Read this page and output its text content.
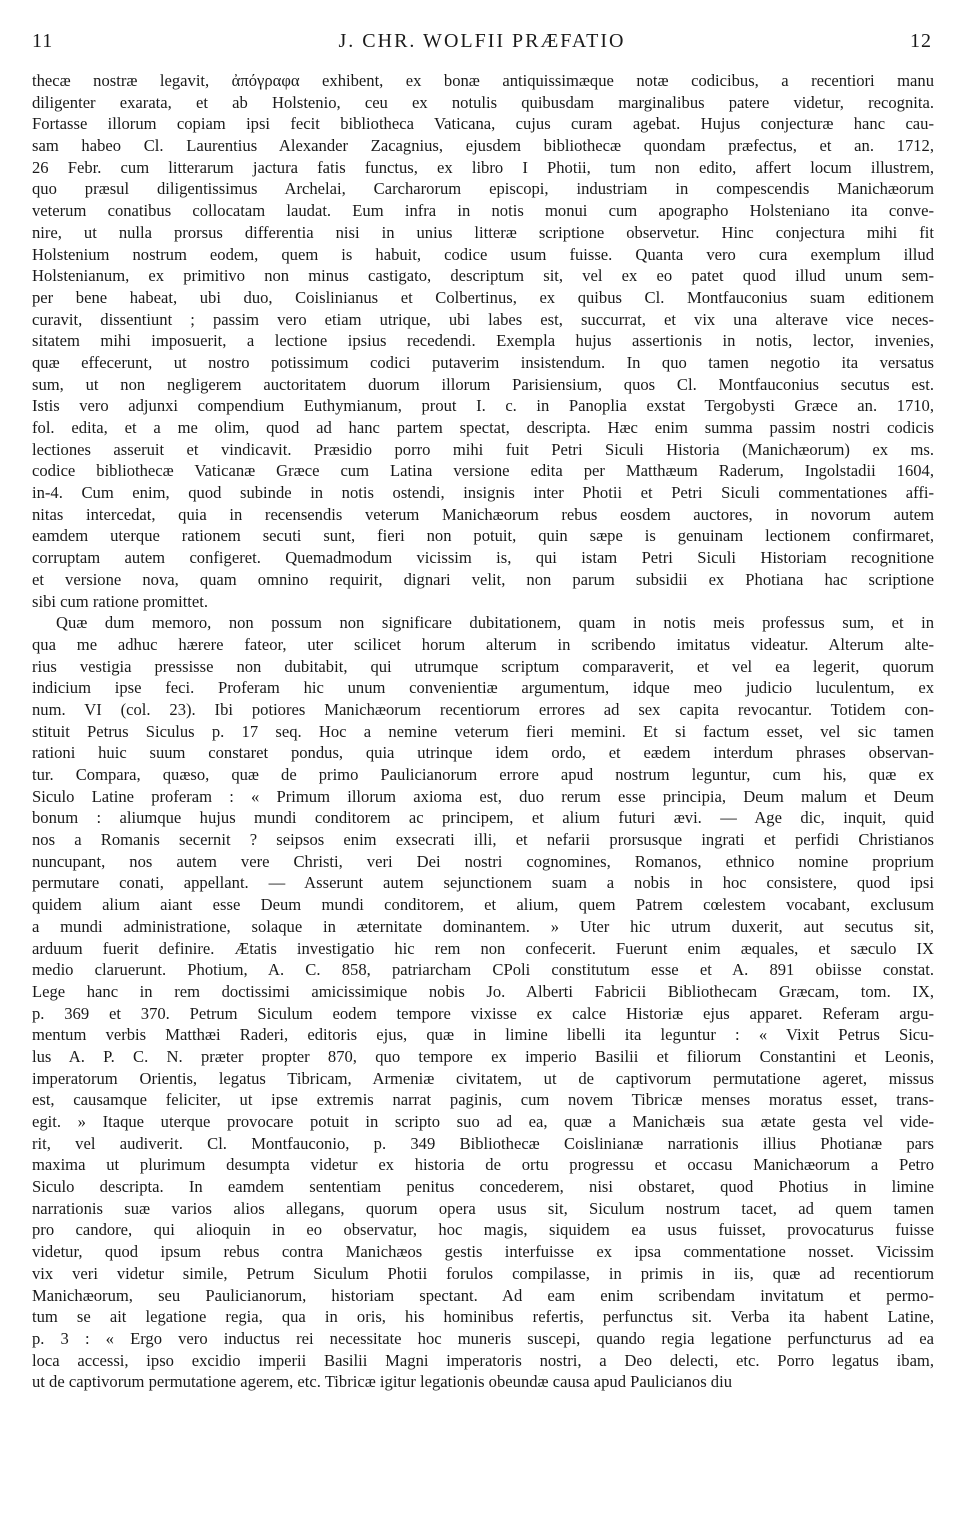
11	J. CHR. WOLFII PRÆFATIO	12
thecæ nostræ legavit, ἀπόγραφα exhibent, ex bonæ antiquissimæque notæ codicibus, a recentiori manu
diligenter exarata, et ab Holstenio, ceu ex notulis quibusdam marginalibus patere videtur, recognita.
Fortasse illorum copiam ipsi fecit bibliotheca Vaticana, cujus curam agebat. Hujus conjecturæ hanc cau-
sam habeo Cl. Laurentius Alexander Zacagnius, ejusdem bibliothecæ quondam præfectus, et an. 1712,
26 Febr. cum litterarum jactura fatis functus, ex libro I Photii, tum non edito, affert locum illustrem,
quo præsul diligentissimus Archelai, Carcharorum episcopi, industriam in compescendis Manichæorum
veterum conatibus collocatam laudat. Eum infra in notis monui cum apographo Holsteniano ita conve-
nire, ut nulla prorsus differentia nisi in unius litteræ scriptione observetur. Hinc conjectura mihi fit
Holstenium nostrum eodem, quem is habuit, codice usum fuisse. Quanta vero cura exemplum illud
Holstenianum, ex primitivo non minus castigato, descriptum sit, vel ex eo patet quod illud unum sem-
per bene habeat, ubi duo, Coislinianus et Colbertinus, ex quibus Cl. Montfauconius suam editionem
curavit, dissentiunt ; passim vero etiam utrique, ubi labes est, succurrat, et vix una alterave vice neces-
sitatem mihi imposuerit, a lectione ipsius recedendi. Exempla hujus assertionis in notis, lector, invenies,
quæ effecerunt, ut nostro potissimum codici putaverim insistendum. In quo tamen negotio ita versatus
sum, ut non negligerem auctoritatem duorum illorum Parisiensium, quos Cl. Montfauconius secutus est.
Istis vero adjunxi compendium Euthymianum, prout I. c. in Panoplia exstat Tergobysti Græce an. 1710,
fol. edita, et a me olim, quod ad hanc partem spectat, descripta. Hæc enim summa passim nostri codicis
lectiones asseruit et vindicavit. Præsidio porro mihi fuit Petri Siculi Historia (Manichæorum) ex ms.
codice bibliothecæ Vaticanæ Græce cum Latina versione edita per Matthæum Raderum, Ingolstadii 1604,
in-4. Cum enim, quod subinde in notis ostendi, insignis inter Photii et Petri Siculi commentationes affi-
nitas intercedat, quia in recensendis veterum Manichæorum rebus eosdem auctores, in novorum autem
eamdem uterque rationem secuti sunt, fieri non potuit, quin sæpe is genuinam lectionem confirmaret,
corruptam autem configeret. Quemadmodum vicissim is, qui istam Petri Siculi Historiam recognitione
et versione nova, quam omnino requirit, dignari velit, non parum subsidii ex Photiana hac scriptione
sibi cum ratione promittet.
Quæ dum memoro, non possum non significare dubitationem, quam in notis meis professus sum, et in
qua me adhuc hærere fateor, uter scilicet horum alterum in scribendo imitatus videatur. Alterum alte-
rius vestigia pressisse non dubitabit, qui utrumque scriptum comparaverit, et vel ea legerit, quorum
indicium ipse feci. Proferam hic unum convenientiæ argumentum, idque meo judicio luculentum, ex
num. VI (col. 23). Ibi potiores Manichæorum recentiorum errores ad sex capita revocantur. Totidem con-
stituit Petrus Siculus p. 17 seq. Hoc a nemine veterum fieri memini. Et si factum esset, vel sic tamen
rationi huic suum constaret pondus, quia utrinque idem ordo, et eædem interdum phrases observan-
tur. Compara, quæso, quæ de primo Paulicianorum errore apud nostrum leguntur, cum his, quæ ex
Siculo Latine proferam : « Primum illorum axioma est, duo rerum esse principia, Deum malum et Deum
bonum : aliumque hujus mundi conditorem ac principem, et alium futuri ævi. — Age dic, inquit, quid
nos a Romanis secernit ? seipsos enim exsecrati illi, et nefarii prorsusque ingrati et perfidi Christianos
nuncupant, nos autem vere Christi, veri Dei nostri cognomines, Romanos, ethnico nomine proprium
permutare conati, appellant. — Asserunt autem sejunctionem suam a nobis in hoc consistere, quod ipsi
quidem alium aiant esse Deum mundi conditorem, et alium, quem Patrem cœlestem vocabant, exclusum
a mundi administratione, solaque in æternitate dominantem. » Uter hic utrum duxerit, aut secutus sit,
arduum fuerit definire. Ætatis investigatio hic rem non confecerit. Fuerunt enim æquales, et sæculo IX
medio claruerunt. Photium, A. C. 858, patriarcham CPoli constitutum esse et A. 891 obiisse constat.
Lege hanc in rem doctissimi amicissimique nobis Jo. Alberti Fabricii Bibliothecam Græcam, tom. IX,
p. 369 et 370. Petrum Siculum eodem tempore vixisse ex calce Historiæ ejus apparet. Referam argu-
mentum verbis Matthæi Raderi, editoris ejus, quæ in limine libelli ita leguntur : « Vixit Petrus Sicu-
lus A. P. C. N. præter propter 870, quo tempore ex imperio Basilii et filiorum Constantini et Leonis,
imperatorum Orientis, legatus Tibricam, Armeniæ civitatem, ut de captivorum permutatione ageret, missus
est, causamque feliciter, ut ipse extremis narrat paginis, cum novem Tibricæ menses moratus esset, trans-
egit. » Itaque uterque provocare potuit in scripto suo ad ea, quæ a Manichæis sua ætate gesta vel vide-
rit, vel audiverit. Cl. Montfauconio, p. 349 Bibliothecæ Coislinianæ narrationis illius Photianæ pars
maxima ut plurimum desumpta videtur ex historia de ortu progressu et occasu Manichæorum a Petro
Siculo descripta. In eamdem sententiam penitus concederem, nisi obstaret, quod Photius in limine
narrationis suæ varios alios allegans, quorum opera usus sit, Siculum nostrum tacet, ad quem tamen
pro candore, qui alioquin in eo observatur, hoc magis, siquidem ea usus fuisset, provocaturus fuisse
videtur, quod ipsum rebus contra Manichæos gestis interfuisse ex ipsa commentatione nosset. Vicissim
vix veri videtur simile, Petrum Siculum Photii forulos compilasse, in primis in iis, quæ ad recentiorum
Manichæorum, seu Paulicianorum, historiam spectant. Ad eam enim scribendam invitatum et permo-
tum se ait legatione regia, qua in oris, his hominibus refertis, perfunctus sit. Verba ita habent Latine,
p. 3 : « Ergo vero inductus rei necessitate hoc muneris suscepi, quando regia legatione perfuncturus ad ea
loca accessi, ipso excidio imperii Basilii Magni imperatoris nostri, a Deo delecti, etc. Porro legatus ibam,
ut de captivorum permutatione agerem, etc. Tibricæ igitur legationis obeundæ causa apud Paulicianos diu
